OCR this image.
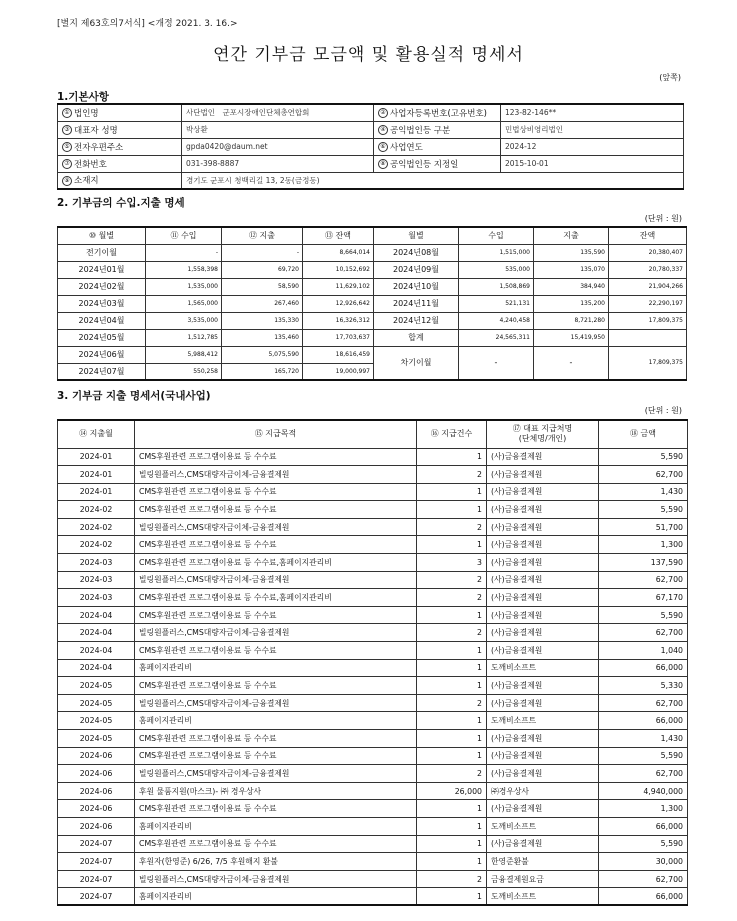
[별지 제63호의7서식] <개정 2021. 3. 16.>
연간 기부금 모금액 및 활용실적 명세서
(앞쪽)
1.기본사항
① 법인명	사단법인　군포시장애인단체총연합회	② 사업자등록번호(고유번호)	123-82-146**
③ 대표자 성명	박상환	④ 공익법인등 구분	민법상비영리법인
⑤ 전자우편주소	gpda0420@daum.net	⑥ 사업연도	2024-12
⑦ 전화번호	031-398-8887	⑧ 공익법인등 지정일	2015-10-01
⑨ 소재지	경기도 군포시 청백리길 13, 2동(금정동)		
2. 기부금의 수입.지출 명세
(단위 : 원)
⑩ 월별	⑪ 수입	⑫ 지출	⑬ 잔액	월별	수입	지출	잔액
전기이월	-	-	8,664,014	2024년08월	1,515,000	135,590	20,380,407
2024년01월	1,558,398	69,720	10,152,692	2024년09월	535,000	135,070	20,780,337
2024년02월	1,535,000	58,590	11,629,102	2024년10월	1,508,869	384,940	21,904,266
2024년03월	1,565,000	267,460	12,926,642	2024년11월	521,131	135,200	22,290,197
2024년04월	3,535,000	135,330	16,326,312	2024년12월	4,240,458	8,721,280	17,809,375
2024년05월	1,512,785	135,460	17,703,637	합계	24,565,311	15,419,950	
2024년06월	5,988,412	5,075,590	18,616,459	차기이월	-	-	17,809,375
2024년07월	550,258	165,720	19,000,997				
3. 기부금 지출 명세서(국내사업)
(단위 : 원)
⑭ 지출월	⑮ 지급목적	⑯ 지급건수	⑰ 대표 지급처명
(단체명/개인)	⑱ 금액
2024-01	CMS후원관련 프로그램이용료 등 수수료	1	(사)금융결제원	5,590
2024-01	빌링원플러스,CMS대량자금이체-금융결제원	2	(사)금융결제원	62,700
2024-01	CMS후원관련 프로그램이용료 등 수수료	1	(사)금융결제원	1,430
2024-02	CMS후원관련 프로그램이용료 등 수수료	1	(사)금융결제원	5,590
2024-02	빌링원플러스,CMS대량자금이체-금융결제원	2	(사)금융결제원	51,700
2024-02	CMS후원관련 프로그램이용료 등 수수료	1	(사)금융결제원	1,300
2024-03	CMS후원관련 프로그램이용료 등 수수료,홈페이지관리비	3	(사)금융결제원	137,590
2024-03	빌링원플러스,CMS대량자금이체-금융결제원	2	(사)금융결제원	62,700
2024-03	CMS후원관련 프로그램이용료 등 수수료,홈페이지관리비	2	(사)금융결제원	67,170
2024-04	CMS후원관련 프로그램이용료 등 수수료	1	(사)금융결제원	5,590
2024-04	빌링원플러스,CMS대량자금이체-금융결제원	2	(사)금융결제원	62,700
2024-04	CMS후원관련 프로그램이용료 등 수수료	1	(사)금융결제원	1,040
2024-04	홈페이지관리비	1	도깨비소프트	66,000
2024-05	CMS후원관련 프로그램이용료 등 수수료	1	(사)금융결제원	5,330
2024-05	빌링원플러스,CMS대량자금이체-금융결제원	2	(사)금융결제원	62,700
2024-05	홈페이지관리비	1	도깨비소프트	66,000
2024-05	CMS후원관련 프로그램이용료 등 수수료	1	(사)금융결제원	1,430
2024-06	CMS후원관련 프로그램이용료 등 수수료	1	(사)금융결제원	5,590
2024-06	빌링원플러스,CMS대량자금이체-금융결제원	2	(사)금융결제원	62,700
2024-06	후원 물품지원(마스크)- ㈜ 경우상사	26,000	㈜경우상사	4,940,000
2024-06	CMS후원관련 프로그램이용료 등 수수료	1	(사)금융결제원	1,300
2024-06	홈페이지관리비	1	도깨비소프트	66,000
2024-07	CMS후원관련 프로그램이용료 등 수수료	1	(사)금융결제원	5,590
2024-07	후원자(한영준) 6/26, 7/5 후원해지 환불	1	한영준환불	30,000
2024-07	빌링원플러스,CMS대량자금이체-금융결제원	2	금융결제원요금	62,700
2024-07	홈페이지관리비	1	도깨비소프트	66,000
